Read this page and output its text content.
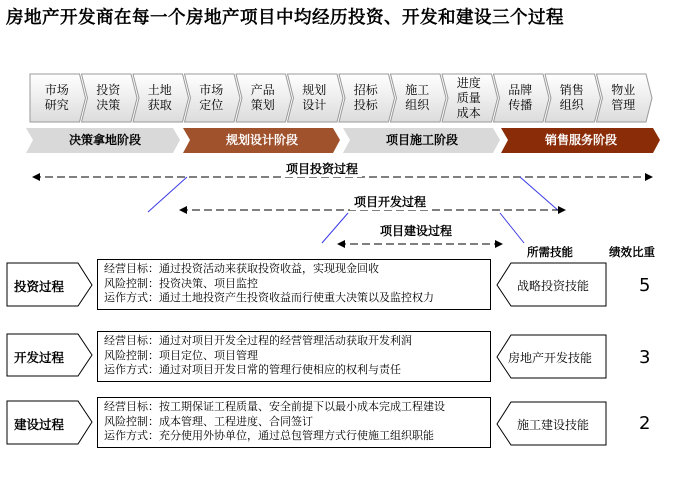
房地产开发商在每一个房地产项目中均经历投资、开发和建设三个过程
市场
研究
投资
决策
土地
获取
市场
定位
产品
策划
规划
设计
招标
投标
施工
组织
进度
质量
成本
品牌
传播
销售
组织
物业
管理
决策拿地阶段	规划设计阶段	项目施工阶段	销售服务阶段
项目投资过程
项目开发过程
项目建设过程
所需技能	绩效比重
投资过程
经营目标：通过投资活动来获取投资收益，实现现金回收
风险控制：投资决策、项目监控
运作方式：通过土地投资产生投资收益而行使重大决策以及监控权力
战略投资技能	5
开发过程
经营目标：通过对项目开发全过程的经营管理活动获取开发利润
风险控制：项目定位、项目管理
运作方式：通过对项目开发日常的管理行使相应的权利与责任
房地产开发技能	3
建设过程
经营目标：按工期保证工程质量、安全前提下以最小成本完成工程建设
风险控制：成本管理、工程进度、合同签订
运作方式：充分使用外协单位，通过总包管理方式行使施工组织职能
施工建设技能	2
